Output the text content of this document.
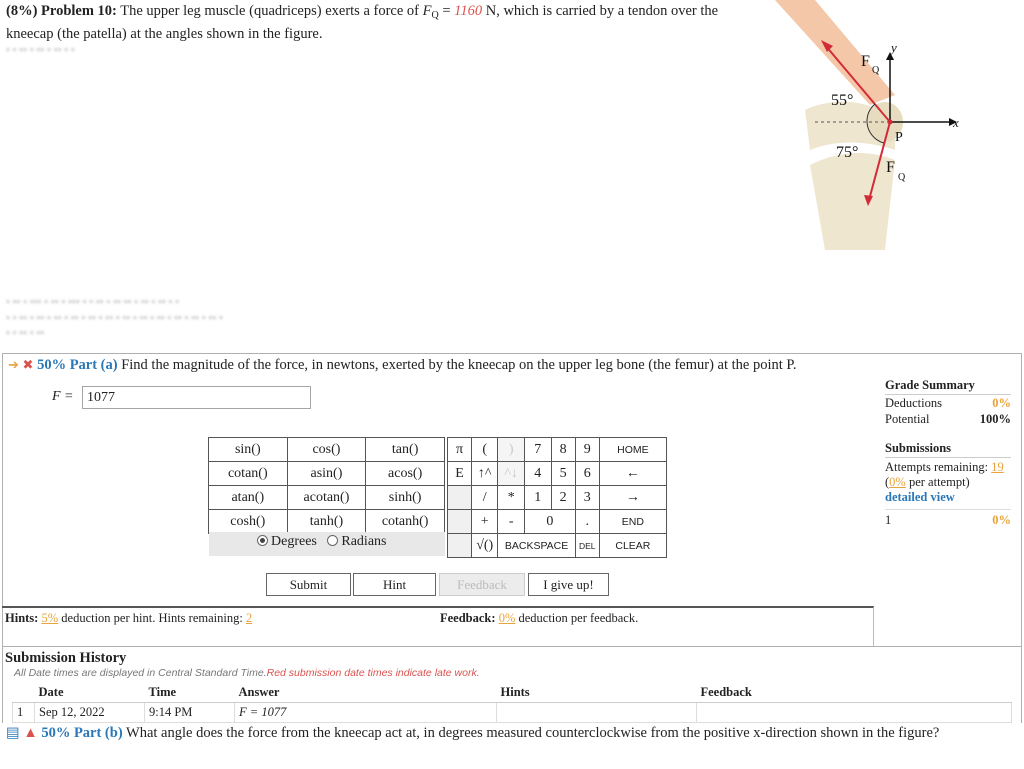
(8%) Problem 10: The upper leg muscle (quadriceps) exerts a force of $F_Q = 1160$ N, which is carried by a tendon over the kneecap (the patella) at the angles shown in the figure.
▪ ▪ ▪▪ ▪ ▪▪ ▪ ▪▪ ▪ ▪
55°
75°
F
Q
F
Q
y
x
P
▪ ▪▪ ▪ ▪▪▪ ▪ ▪▪ ▪ ▪▪▪ ▪ ▪ ▪▪ ▪ ▪▪ ▪▪ ▪ ▪▪ ▪ ▪▪ ▪ ▪
▪ ▪ ▪▪ ▪ ▪▪ ▪ ▪▪ ▪ ▪▪ ▪ ▪▪ ▪ ▪▪ ▪ ▪▪ ▪ ▪▪ ▪ ▪▪ ▪ ▪▪ ▪ ▪▪ ▪ ▪▪ ▪
▪ ▪ ▪▪ ▪ ▪▪
➔ ✖ 50% Part (a) Find the magnitude of the force, in newtons, exerted by the kneecap on the upper leg bone (the femur) at the point P.
F =
1077
sin()	cos()	tan()
cotan()	asin()	acos()
atan()	acotan()	sinh()
cosh()	tanh()	cotanh()
Degrees Radians
π	(	)	7	8	9	HOME
E	↑^	^↓	4	5	6	←
	/	*	1	2	3	→
	+	-	0		.	END
	√()	BACKSPACE			DEL	CLEAR
Submit	Hint	Feedback	I give up!
Hints: 5% deduction per hint. Hints remaining: 2	Feedback: 0% deduction per feedback.
Grade Summary
Deductions	0%
Potential	100%
Submissions
Attempts remaining: 19
(0% per attempt)
detailed view
1	0%
Submission History
All Date times are displayed in Central Standard Time.Red submission date times indicate late work.
	Date	Time	Answer	Hints	Feedback
1	Sep 12, 2022	9:14 PM	F = 1077		
▤ ▲ 50% Part (b) What angle does the force from the kneecap act at, in degrees measured counterclockwise from the positive x-direction shown in the figure?
